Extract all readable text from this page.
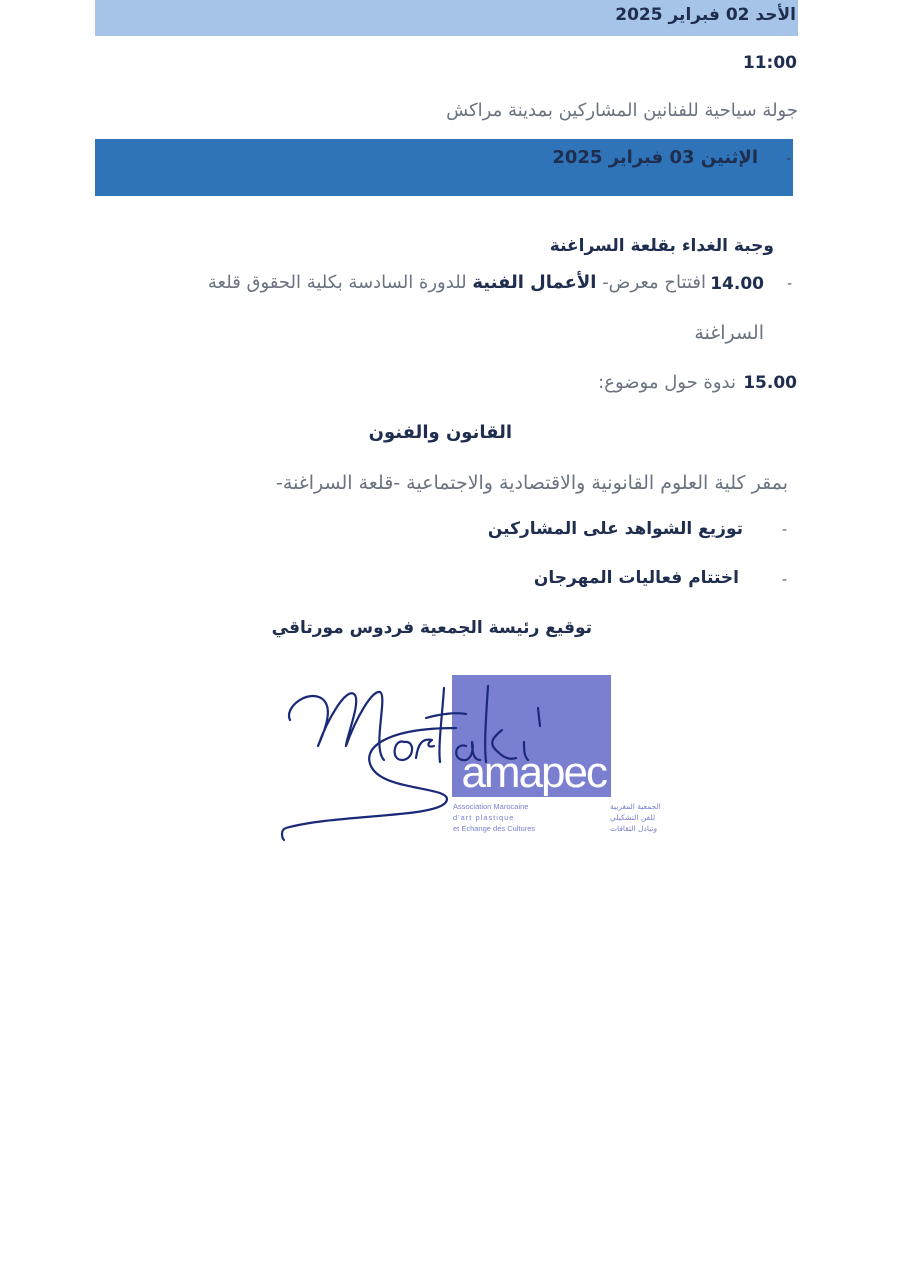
الأحد 02 فبراير 2025
11:00
جولة سياحية للفنانين المشاركين بمدينة مراكش
الإثنين 03 فبراير 2025 -
وجبة الغداء بقلعة السراغنة
-
14.00
افتتاح معرض- الأعمال الفنية للدورة السادسة بكلية الحقوق قلعة
السراغنة
15.00
ندوة حول موضوع:
القانون والفنون
بمقر كلية العلوم القانونية والاقتصادية والاجتماعية -قلعة السراغنة-
-
توزيع الشواهد على المشاركين
-
اختتام فعاليات المهرجان
توقيع رئيسة الجمعية فردوس مورتاقي
amapec
Association Marocaine
d'art plastique
et Echange des Cultures
الجمعية المغربية
للفن التشكيلي
وتبادل الثقافات
